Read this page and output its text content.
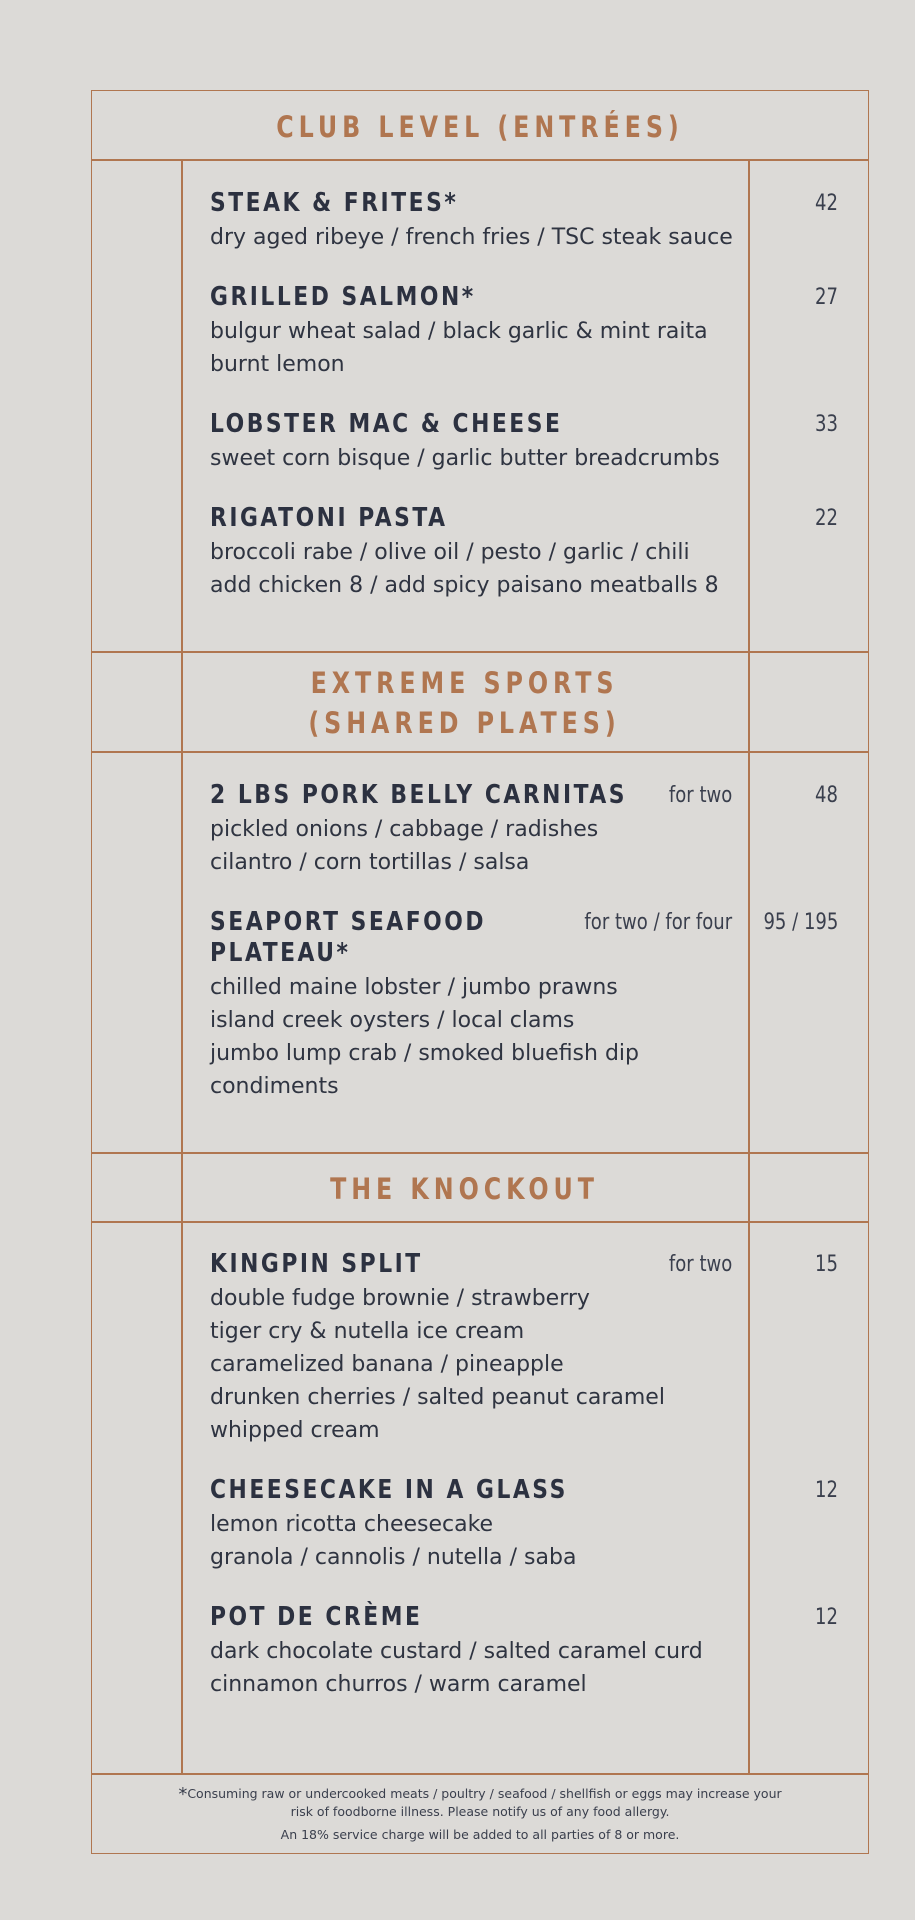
CLUB LEVEL (ENTRÉES)
STEAK & FRITES*
dry aged ribeye / french fries / TSC steak sauce
42
GRILLED SALMON*
bulgur wheat salad / black garlic & mint raita
burnt lemon
27
LOBSTER MAC & CHEESE
sweet corn bisque / garlic butter breadcrumbs
33
RIGATONI PASTA
broccoli rabe / olive oil / pesto / garlic / chili
add chicken 8 / add spicy paisano meatballs 8
22
EXTREME SPORTS
(SHARED PLATES)
2 LBS PORK BELLY CARNITAS
pickled onions / cabbage / radishes
cilantro / corn tortillas / salsa
for two	48
SEAPORT SEAFOOD
PLATEAU*
chilled maine lobster / jumbo prawns
island creek oysters / local clams
jumbo lump crab / smoked bluefish dip
condiments
for two / for four 95 / 195
THE KNOCKOUT
KINGPIN SPLIT
double fudge brownie / strawberry
tiger cry & nutella ice cream
caramelized banana / pineapple
drunken cherries / salted peanut caramel
whipped cream
for two	15
CHEESECAKE IN A GLASS
lemon ricotta cheesecake
granola / cannolis / nutella / saba
12
POT DE CRÈME
dark chocolate custard / salted caramel curd
cinnamon churros / warm caramel
12
*Consuming raw or undercooked meats / poultry / seafood / shellfish or eggs may increase your
risk of foodborne illness. Please notify us of any food allergy.
An 18% service charge will be added to all parties of 8 or more.
